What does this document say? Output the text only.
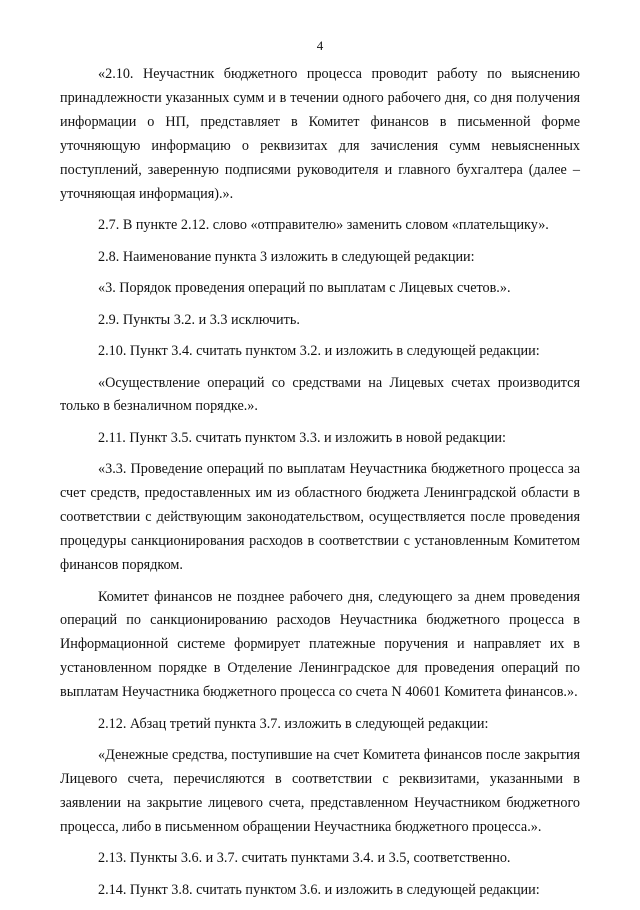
4

«2.10. Неучастник бюджетного процесса проводит работу по выяснению принадлежности указанных сумм и в течении одного рабочего дня, со дня получения информации о НП, представляет в Комитет финансов в письменной форме уточняющую информацию о реквизитах для зачисления сумм невыясненных поступлений, заверенную подписями руководителя и главного бухгалтера (далее – уточняющая информация).».

2.7. В пункте 2.12. слово «отправителю» заменить словом «плательщику».

2.8. Наименование пункта 3 изложить в следующей редакции:

«3. Порядок проведения операций по выплатам с Лицевых счетов.».

2.9. Пункты 3.2. и 3.3 исключить.

2.10. Пункт 3.4. считать пунктом 3.2. и изложить в следующей редакции:

«Осуществление операций со средствами на Лицевых счетах производится только в безналичном порядке.».

2.11. Пункт 3.5. считать пунктом 3.3. и изложить в новой редакции:

«3.3. Проведение операций по выплатам Неучастника бюджетного процесса за счет средств, предоставленных им из областного бюджета Ленинградской области в соответствии с действующим законодательством, осуществляется после проведения процедуры санкционирования расходов в соответствии с установленным Комитетом финансов порядком.

Комитет финансов не позднее рабочего дня, следующего за днем проведения операций по санкционированию расходов Неучастника бюджетного процесса в Информационной системе формирует платежные поручения и направляет их в установленном порядке в Отделение Ленинградское для проведения операций по выплатам Неучастника бюджетного процесса со счета N 40601 Комитета финансов.».

2.12. Абзац третий пункта 3.7. изложить в следующей редакции:

«Денежные средства, поступившие на счет Комитета финансов после закрытия Лицевого счета, перечисляются в соответствии с реквизитами, указанными в заявлении на закрытие лицевого счета, представленном Неучастником бюджетного процесса, либо в письменном обращении Неучастника бюджетного процесса.».

2.13. Пункты 3.6. и 3.7. считать пунктами 3.4. и 3.5, соответственно.

2.14. Пункт 3.8. считать пунктом 3.6. и изложить в следующей редакции:
